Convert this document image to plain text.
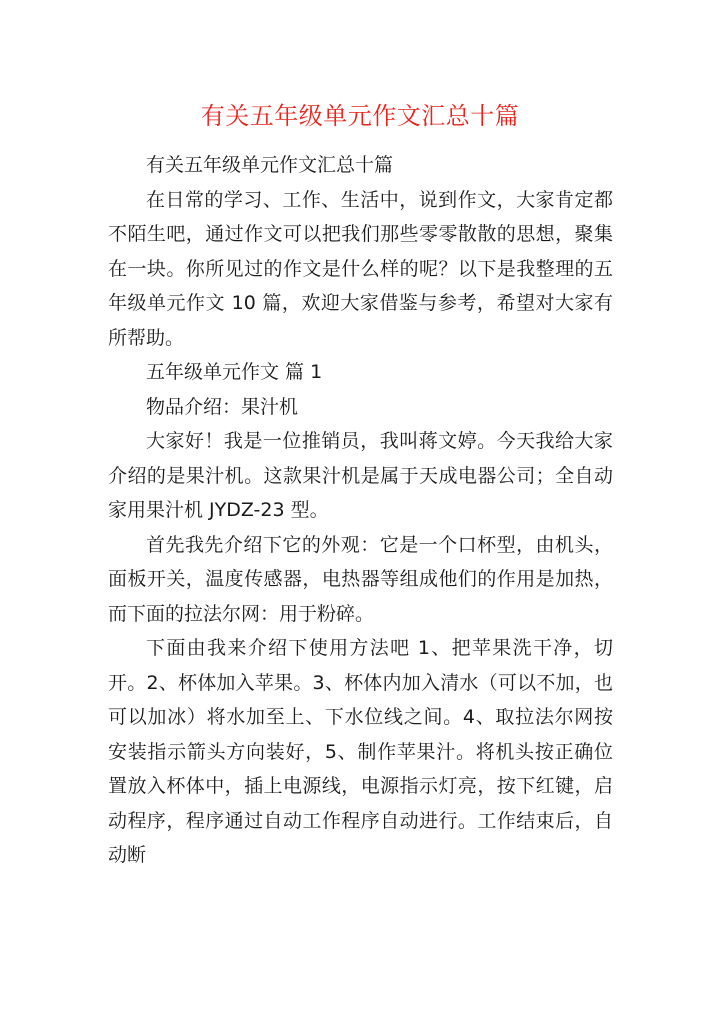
有关五年级单元作文汇总十篇

有关五年级单元作文汇总十篇

在日常的学习、工作、生活中，说到作文，大家肯定都不陌生吧，通过作文可以把我们那些零零散散的思想，聚集在一块。你所见过的作文是什么样的呢？以下是我整理的五年级单元作文 10 篇，欢迎大家借鉴与参考，希望对大家有所帮助。

五年级单元作文 篇 1

物品介绍：果汁机

大家好！我是一位推销员，我叫蒋文婷。今天我给大家介绍的是果汁机。这款果汁机是属于天成电器公司；全自动家用果汁机 JYDZ-23 型。

首先我先介绍下它的外观：它是一个口杯型，由机头，面板开关，温度传感器，电热器等组成他们的作用是加热，而下面的拉法尔网：用于粉碎。

下面由我来介绍下使用方法吧 1、把苹果洗干净，切开。2、杯体加入苹果。3、杯体内加入清水（可以不加，也可以加冰）将水加至上、下水位线之间。4、取拉法尔网按安装指示箭头方向装好，5、制作苹果汁。将机头按正确位置放入杯体中，插上电源线，电源指示灯亮，按下红键，启动程序，程序通过自动工作程序自动进行。工作结束后，自动断
